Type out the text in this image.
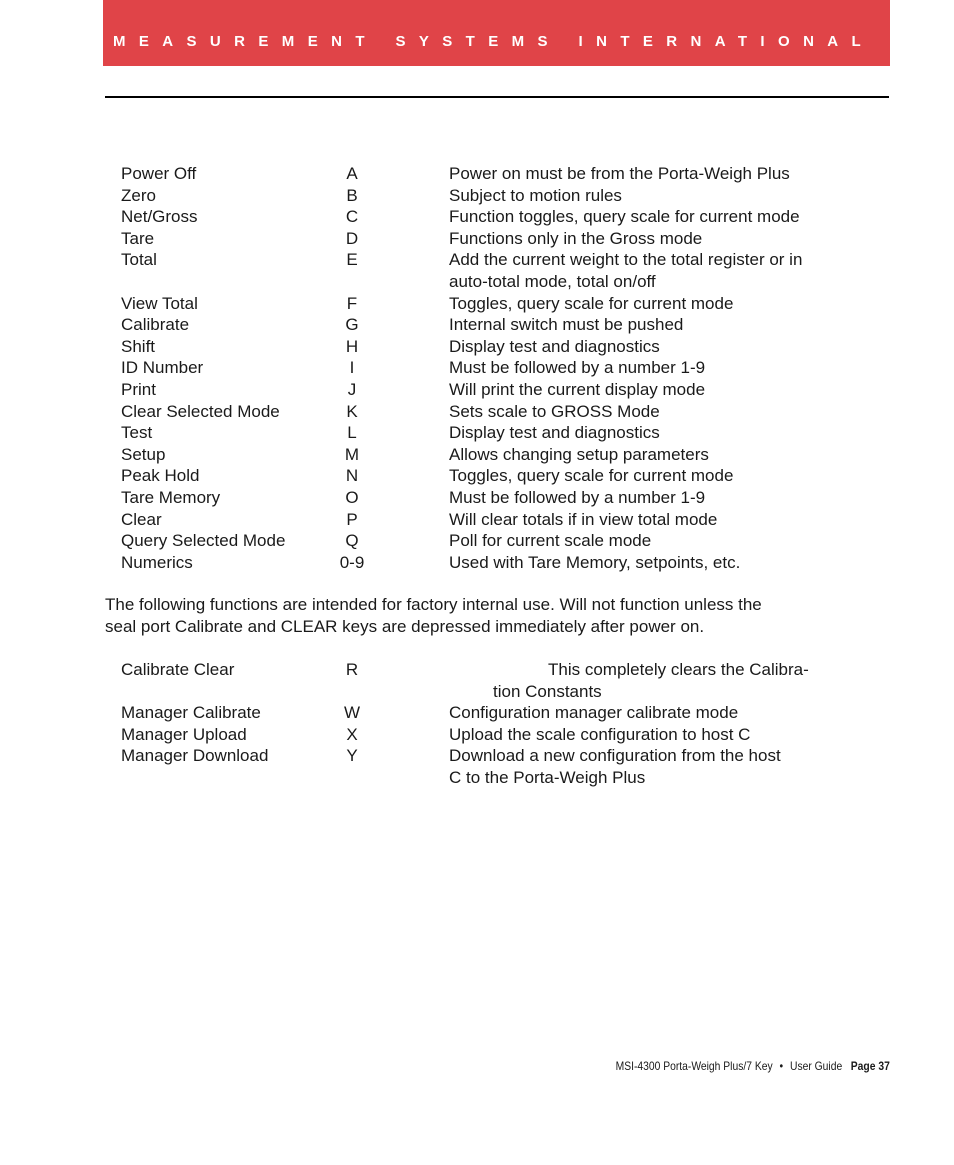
MEASUREMENT SYSTEMS INTERNATIONAL
Power Off	A	Power on must be from the Porta-Weigh Plus
Zero	B	Subject to motion rules
Net/Gross	C	Function toggles, query scale for current mode
Tare	D	Functions only in the Gross mode
Total	E	Add the current weight to the total register or in
auto-total mode, total on/off
View Total	F	Toggles, query scale for current mode
Calibrate	G	Internal switch must be pushed
Shift	H	Display test and diagnostics
ID Number	I	Must be followed by a number 1-9
Print	J	Will print the current display mode
Clear Selected Mode	K	Sets scale to GROSS Mode
Test	L	Display test and diagnostics
Setup	M	Allows changing setup parameters
Peak Hold	N	Toggles, query scale for current mode
Tare Memory	O	Must be followed by a number 1-9
Clear	P	Will clear totals if in view total mode
Query Selected Mode	Q	Poll for current scale mode
Numerics	0-9	Used with Tare Memory, setpoints, etc.
The following functions are intended for factory internal use. Will not function unless the
seal port Calibrate and CLEAR keys are depressed immediately after power on.
Calibrate Clear	R	This completely clears the Calibra-
tion Constants
Manager Calibrate	W	Configuration manager calibrate mode
Manager Upload	X	Upload the scale configuration to host C
Manager Download	Y	Download a new configuration from the host
C to the Porta-Weigh Plus
MSI-4300 Porta-Weigh Plus/7 Key • User Guide Page 37
